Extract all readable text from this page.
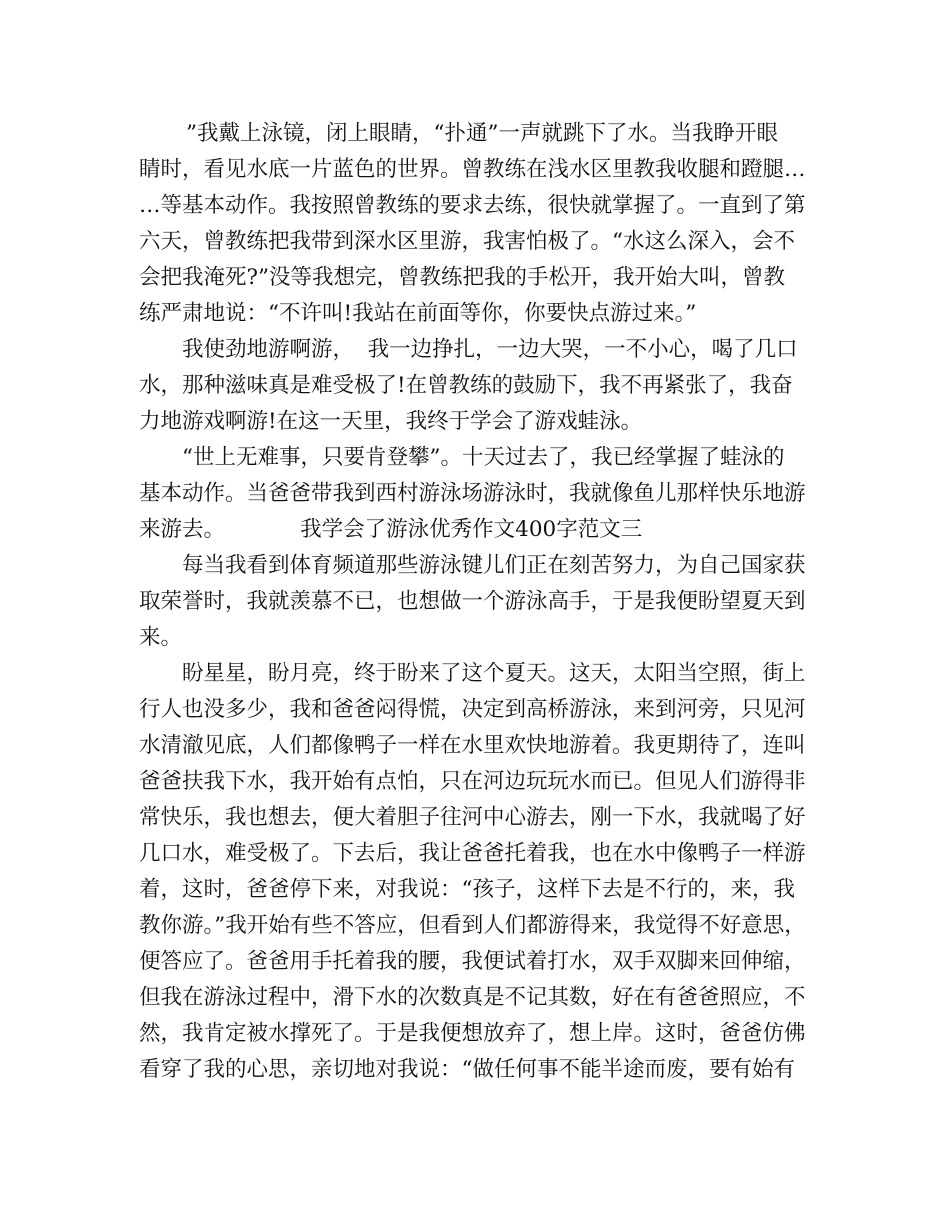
”我戴上泳镜，闭上眼睛，“扑通”一声就跳下了水。当我睁开眼
睛时，看见水底一片蓝色的世界。曾教练在浅水区里教我收腿和蹬腿…
…等基本动作。我按照曾教练的要求去练，很快就掌握了。一直到了第
六天，曾教练把我带到深水区里游，我害怕极了。“水这么深入，会不
会把我淹死?”没等我想完，曾教练把我的手松开，我开始大叫，曾教
练严肃地说：“不许叫!我站在前面等你，你要快点游过来。”
我使劲地游啊游，  我一边挣扎，一边大哭，一不小心，喝了几口
水，那种滋味真是难受极了!在曾教练的鼓励下，我不再紧张了，我奋
力地游戏啊游!在这一天里，我终于学会了游戏蛙泳。
“世上无难事，只要肯登攀”。十天过去了，我已经掌握了蛙泳的
基本动作。当爸爸带我到西村游泳场游泳时，我就像鱼儿那样快乐地游
来游去。           我学会了游泳优秀作文400字范文三
每当我看到体育频道那些游泳键儿们正在刻苦努力，为自己国家获
取荣誉时，我就羡慕不已，也想做一个游泳高手，于是我便盼望夏天到
来。
盼星星，盼月亮，终于盼来了这个夏天。这天，太阳当空照，街上
行人也没多少，我和爸爸闷得慌，决定到高桥游泳，来到河旁，只见河
水清澈见底，人们都像鸭子一样在水里欢快地游着。我更期待了，连叫
爸爸扶我下水，我开始有点怕，只在河边玩玩水而已。但见人们游得非
常快乐，我也想去，便大着胆子往河中心游去，刚一下水，我就喝了好
几口水，难受极了。下去后，我让爸爸托着我，也在水中像鸭子一样游
着，这时，爸爸停下来，对我说：“孩子，这样下去是不行的，来，我
教你游。”我开始有些不答应，但看到人们都游得来，我觉得不好意思，
便答应了。爸爸用手托着我的腰，我便试着打水，双手双脚来回伸缩，
但我在游泳过程中，滑下水的次数真是不记其数，好在有爸爸照应，不
然，我肯定被水撑死了。于是我便想放弃了，想上岸。这时，爸爸仿佛
看穿了我的心思，亲切地对我说：“做任何事不能半途而废，要有始有
